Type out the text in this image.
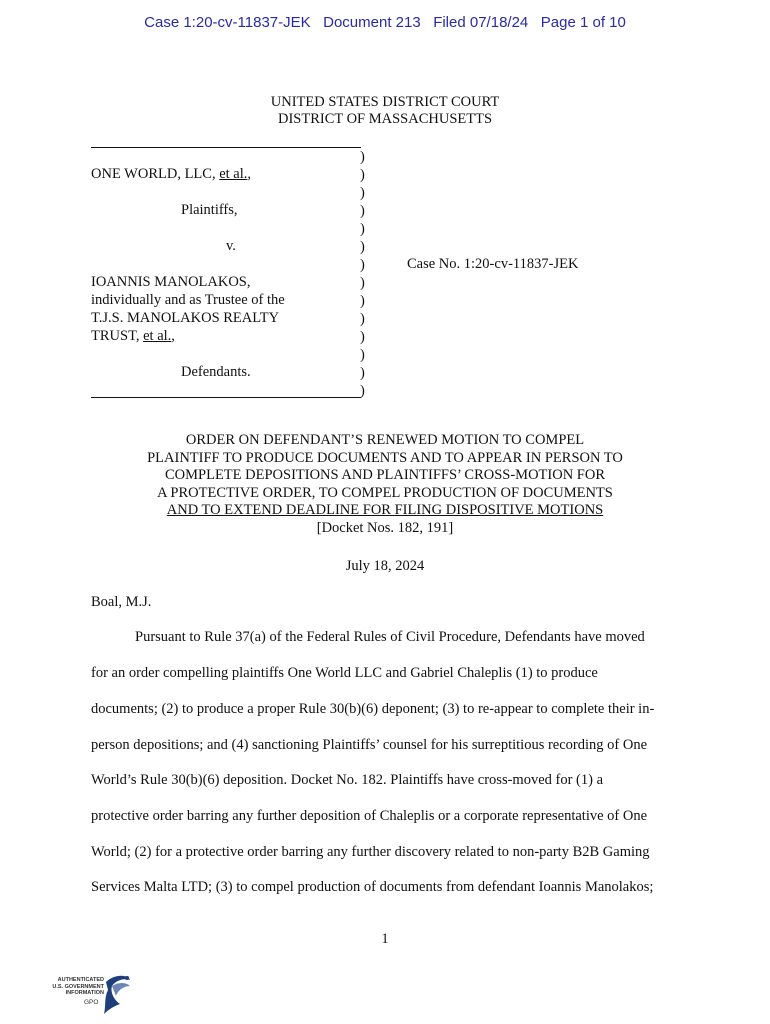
Case 1:20-cv-11837-JEK   Document 213   Filed 07/18/24   Page 1 of 10
UNITED STATES DISTRICT COURT
DISTRICT OF MASSACHUSETTS
)
)
)
)
)
)
)
)
)
)
)
)
)
)
ONE WORLD, LLC, et al.,
Plaintiffs,
v.
IOANNIS MANOLAKOS,
individually and as Trustee of the
T.J.S. MANOLAKOS REALTY
TRUST, et al.,
Defendants.
Case No. 1:20-cv-11837-JEK
ORDER ON DEFENDANT’S RENEWED MOTION TO COMPEL
PLAINTIFF TO PRODUCE DOCUMENTS AND TO APPEAR IN PERSON TO
COMPLETE DEPOSITIONS AND PLAINTIFFS’ CROSS-MOTION FOR
A PROTECTIVE ORDER, TO COMPEL PRODUCTION OF DOCUMENTS
AND TO EXTEND DEADLINE FOR FILING DISPOSITIVE MOTIONS
[Docket Nos. 182, 191]
July 18, 2024
Boal, M.J.
Pursuant to Rule 37(a) of the Federal Rules of Civil Procedure, Defendants have moved
for an order compelling plaintiffs One World LLC and Gabriel Chaleplis (1) to produce
documents; (2) to produce a proper Rule 30(b)(6) deponent; (3) to re-appear to complete their in-
person depositions; and (4) sanctioning Plaintiffs’ counsel for his surreptitious recording of One
World’s Rule 30(b)(6) deposition. Docket No. 182. Plaintiffs have cross-moved for (1) a
protective order barring any further deposition of Chaleplis or a corporate representative of One
World; (2) for a protective order barring any further discovery related to non-party B2B Gaming
Services Malta LTD; (3) to compel production of documents from defendant Ioannis Manolakos;
1
AUTHENTICATED
U.S. GOVERNMENT
INFORMATION
GPO
